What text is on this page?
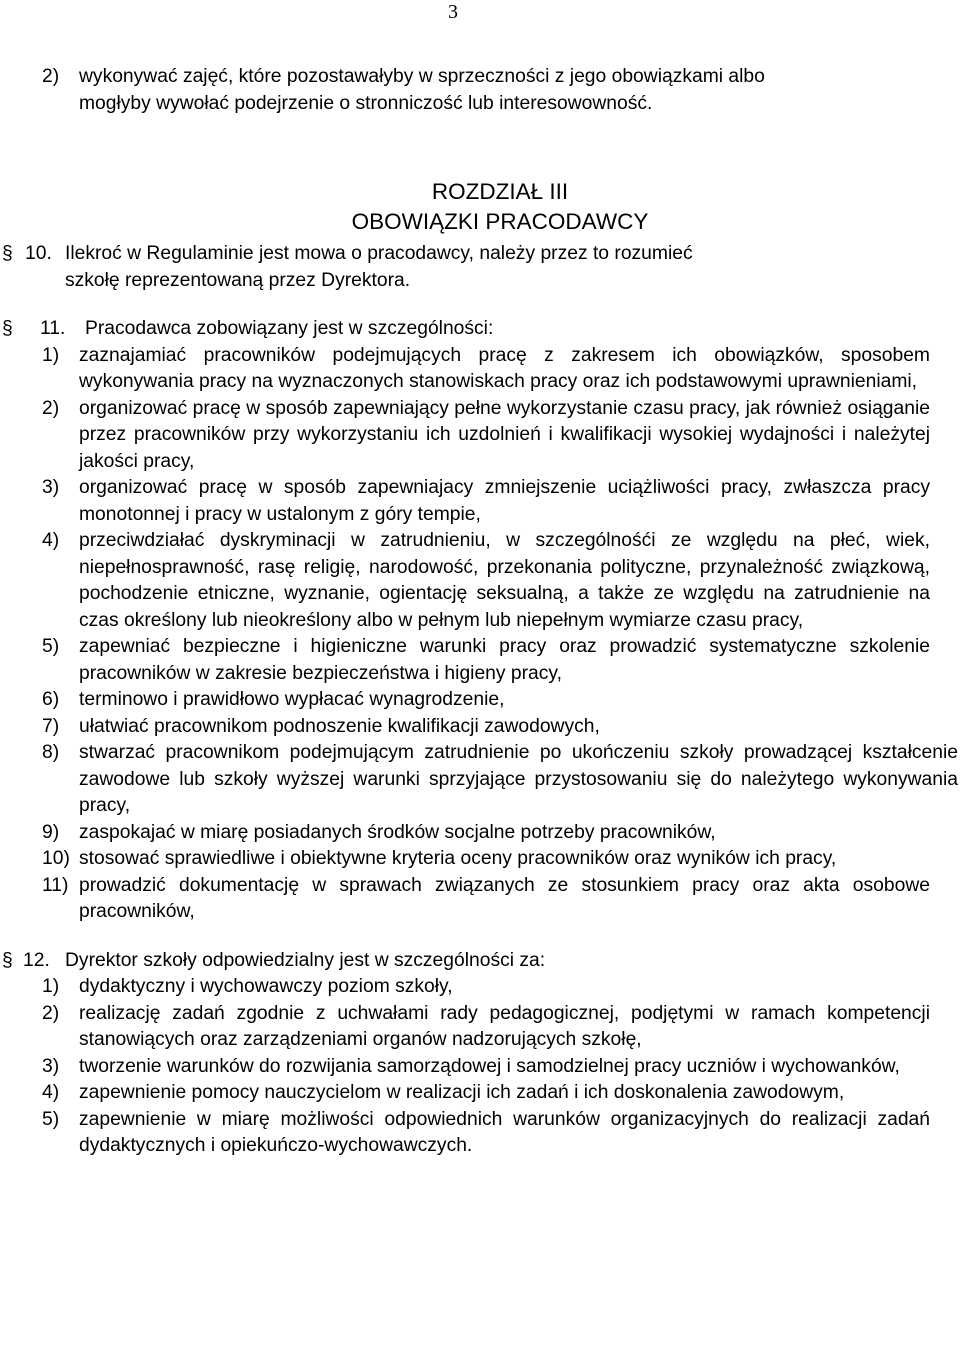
3
2) wykonywać zajęć, które pozostawałyby w sprzeczności z jego obowiązkami albo
mogłyby wywołać podejrzenie o stronniczość lub interesowowność.
ROZDZIAŁ III
OBOWIĄZKI PRACODAWCY
§ 10. Ilekroć w Regulaminie jest mowa o pracodawcy, należy przez to rozumieć
szkołę reprezentowaną przez Dyrektora.
§ 11. Pracodawca zobowiązany jest w szczególności:
1) zaznajamiać pracowników podejmujących pracę z zakresem ich obowiązków, sposobem wykonywania pracy na wyznaczonych stanowiskach pracy oraz ich podstawowymi uprawnieniami,
2) organizować pracę w sposób zapewniający pełne wykorzystanie czasu pracy, jak również osiąganie przez pracowników przy wykorzystaniu ich uzdolnień i kwalifikacji wysokiej wydajności i należytej jakości pracy,
3) organizować pracę w sposób zapewniajacy zmniejszenie uciążliwości pracy, zwłaszcza pracy monotonnej i pracy w ustalonym z góry tempie,
4) przeciwdziałać dyskryminacji w zatrudnieniu, w szczególnośći ze względu na płeć, wiek, niepełnosprawność, rasę religię, narodowość, przekonania polityczne, przynależność związkową, pochodzenie etniczne, wyznanie, ogientację seksualną, a także ze względu na zatrudnienie na czas określony lub nieokreślony albo w pełnym lub niepełnym wymiarze czasu pracy,
5) zapewniać bezpieczne i higieniczne warunki pracy oraz prowadzić systematyczne szkolenie pracowników w zakresie bezpieczeństwa i higieny pracy,
6) terminowo i prawidłowo wypłacać wynagrodzenie,
7) ułatwiać pracownikom podnoszenie kwalifikacji zawodowych,
8) stwarzać pracownikom podejmującym zatrudnienie po ukończeniu szkoły prowadzącej kształcenie zawodowe lub szkoły wyższej warunki sprzyjające przystosowaniu się do należytego wykonywania pracy,
9) zaspokajać w miarę posiadanych środków socjalne potrzeby pracowników,
10) stosować sprawiedliwe i obiektywne kryteria oceny pracowników oraz wyników ich pracy,
11) prowadzić dokumentację w sprawach związanych ze stosunkiem pracy oraz akta osobowe pracowników,
§ 12. Dyrektor szkoły odpowiedzialny jest w szczególności za:
1) dydaktyczny i wychowawczy poziom szkoły,
2) realizację zadań zgodnie z uchwałami rady pedagogicznej, podjętymi w ramach kompetencji stanowiących oraz zarządzeniami organów nadzorujących szkołę,
3) tworzenie warunków do rozwijania samorządowej i samodzielnej pracy uczniów i wychowanków,
4) zapewnienie pomocy nauczycielom w realizacji ich zadań i ich doskonalenia zawodowym,
5) zapewnienie w miarę możliwości odpowiednich warunków organizacyjnych do realizacji zadań dydaktycznych i opiekuńczo-wychowawczych.
